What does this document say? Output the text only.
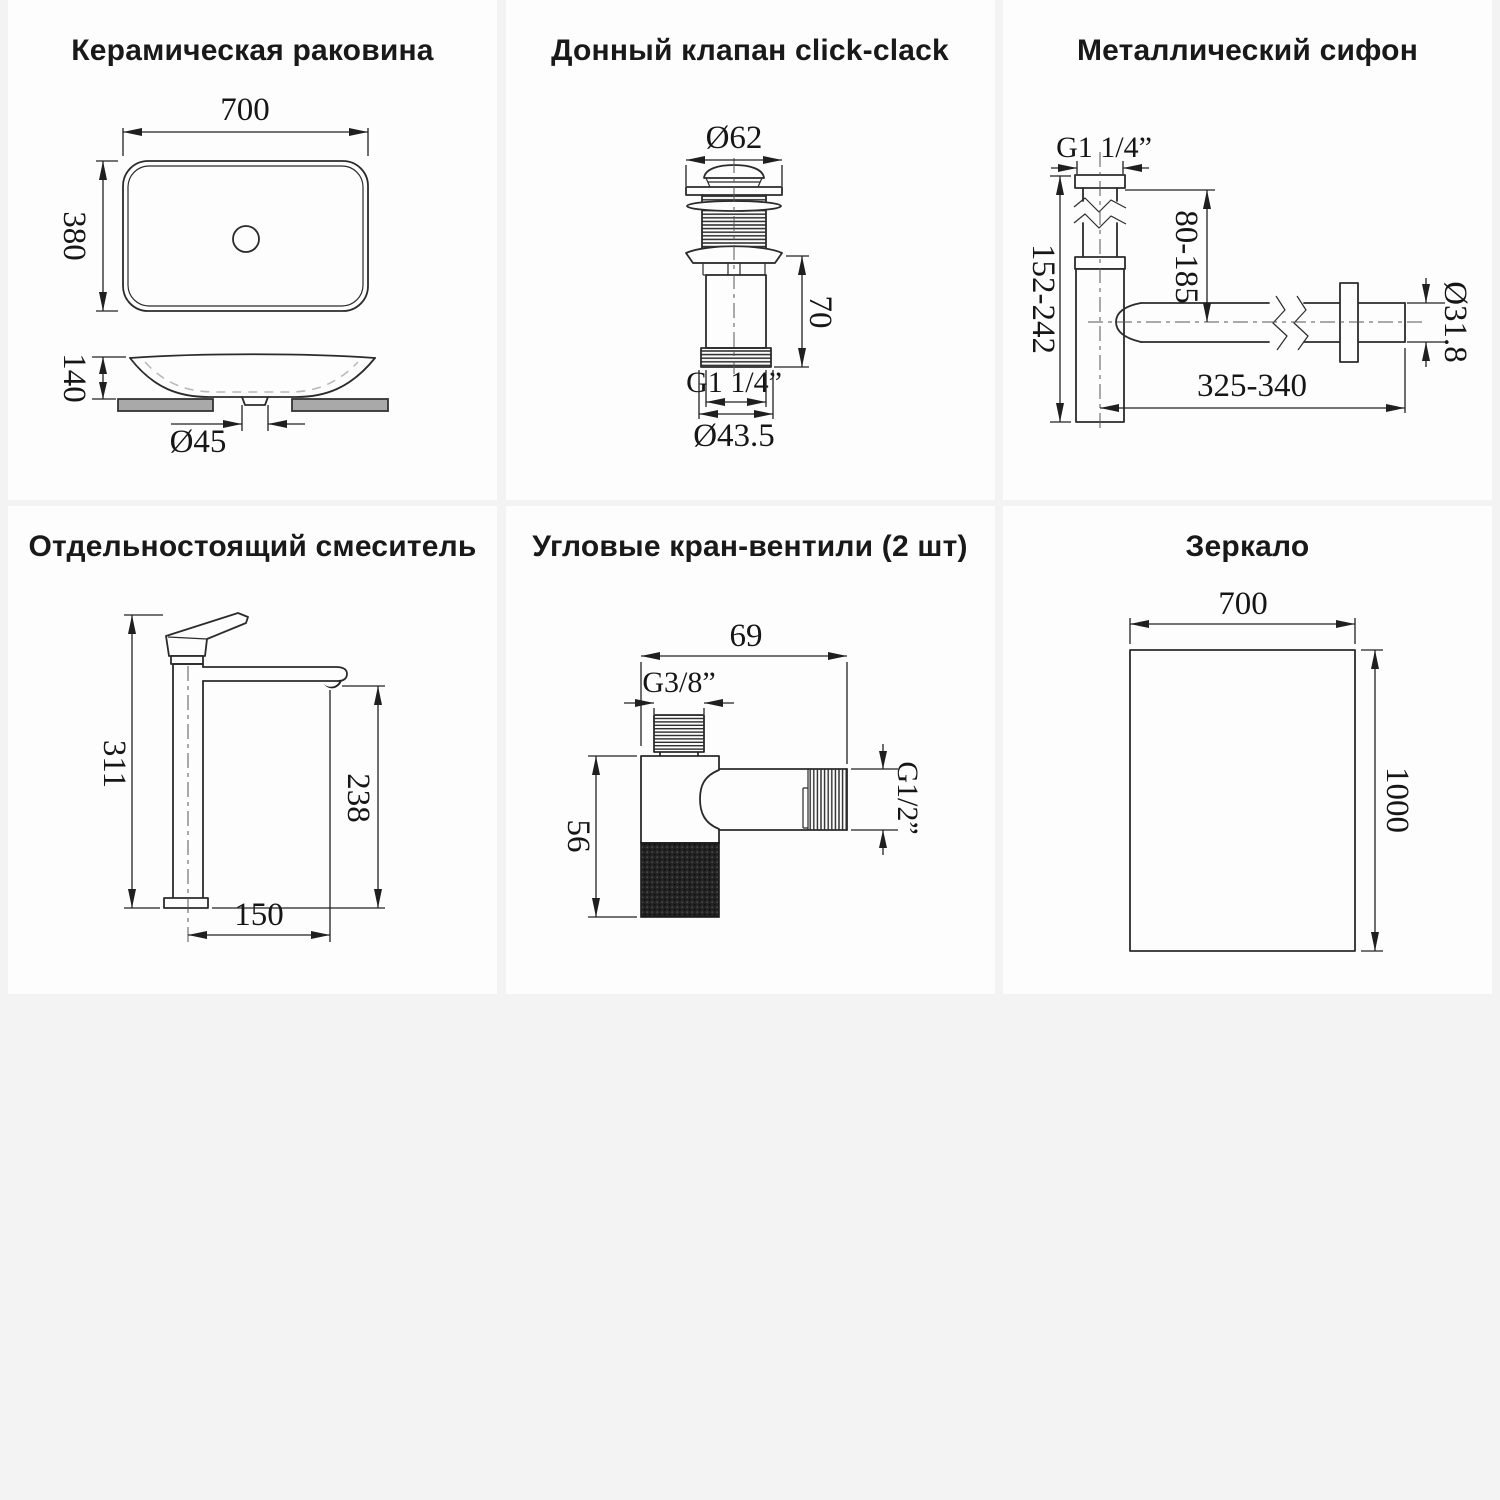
Керамическая раковина
700
380
140
Ø45
Донный клапан click-clack
Ø62
70
G1 1/4”
Ø43.5
Металлический сифон
G1 1/4”
152-242	80-185
Ø31.8
325-340
Отдельностоящий смеситель
311
238
150
Угловые кран-вентили (2 шт)
69
G3/8”
56
G1/2”
Зеркало
700
1000
